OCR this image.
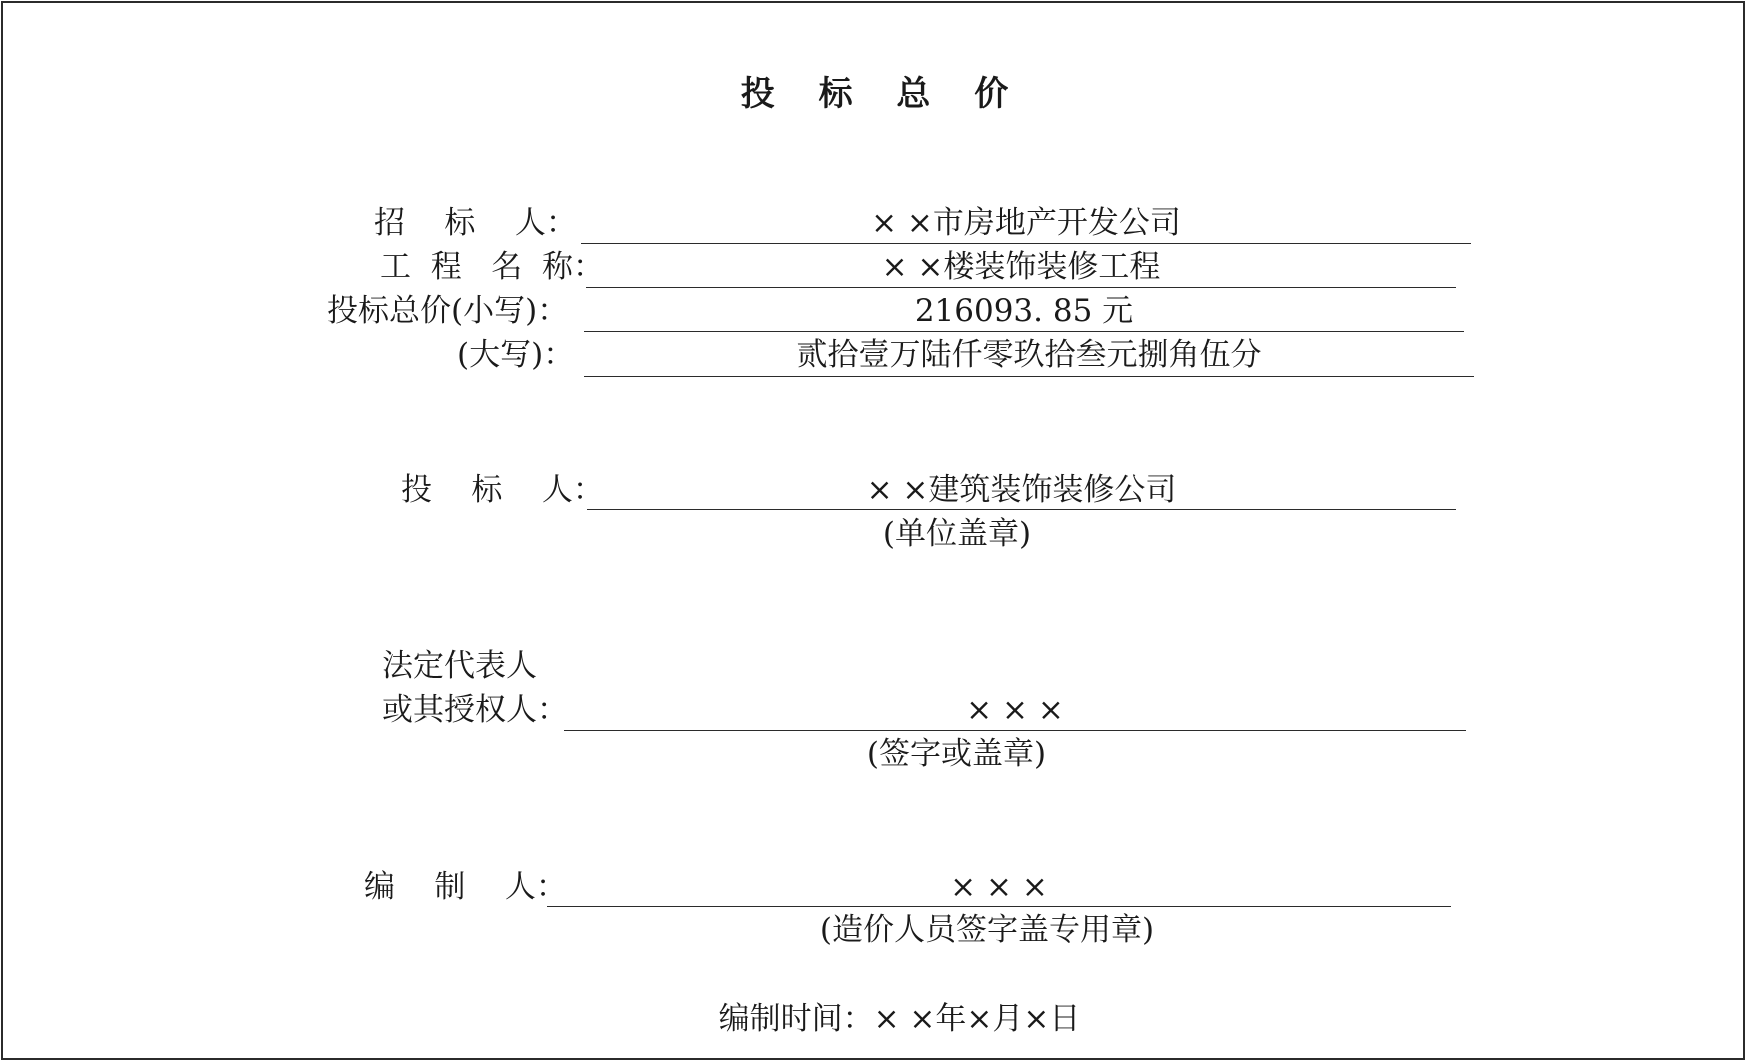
投 标 总 价
招    标    人：	× ×市房地产开发公司
工  程   名  称：	× ×楼装饰装修工程
投标总价(小写)：	216093. 85 元
(大写)：	贰拾壹万陆仟零玖拾叁元捌角伍分
投    标    人：	× ×建筑装饰装修公司
(单位盖章)
法定代表人
或其授权人：	× × ×
(签字或盖章)
编    制    人：	× × ×
(造价人员签字盖专用章)
编制时间：× ×年×月×日
